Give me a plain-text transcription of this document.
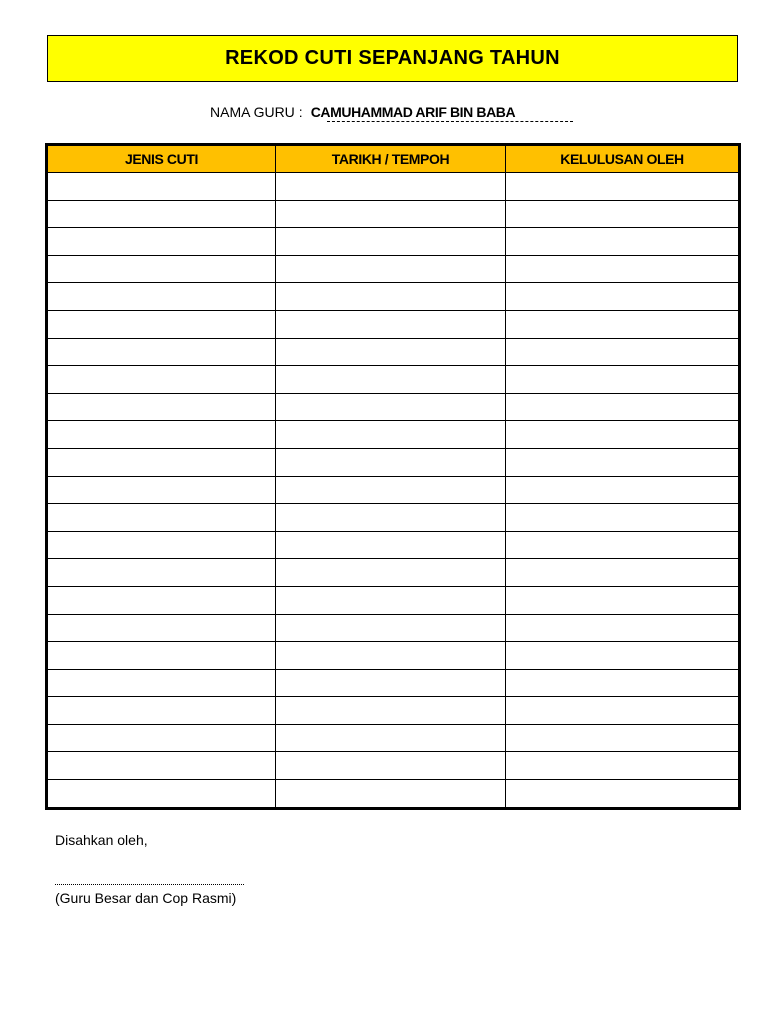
REKOD CUTI SEPANJANG TAHUN
NAMA GURU : CAMUHAMMAD ARIF BIN BABA
JENIS CUTI	TARIKH / TEMPOH	KELULUSAN OLEH

Disahkan oleh,
(Guru Besar dan Cop Rasmi)
